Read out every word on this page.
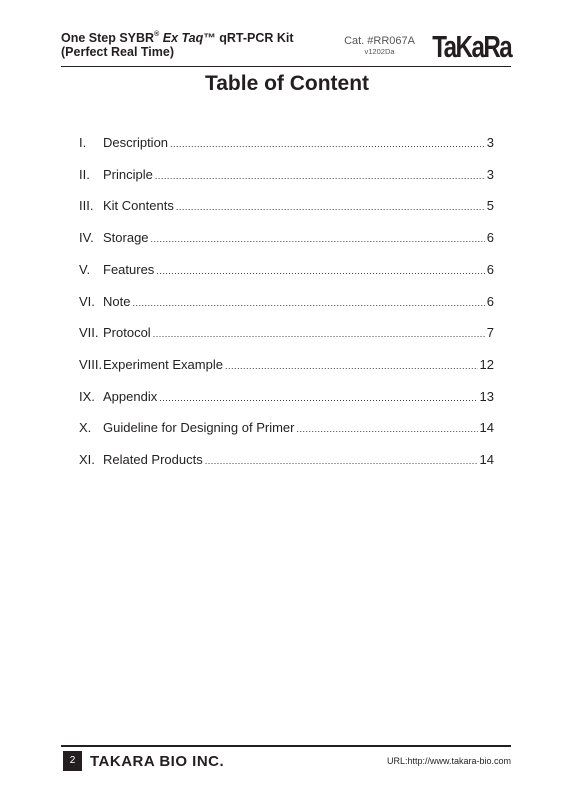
One Step SYBR® Ex Taq™ qRT-PCR Kit
(Perfect Real Time)
Cat. #RR067A
v1202Da	TaKaRa
Table of Content
I.	Description .....	3
II.	Principle .....	3
III. Kit Contents .....	5
IV. Storage .....	6
V. Features .....	6
VI. Note .....	6
VII. Protocol .....	7
VIII. Experiment Example .....	12
IX. Appendix .....	13
X. Guideline for Designing of Primer .....	14
XI. Related Products .....	14
2 TAKARA BIO INC.	URL:http://www.takara-bio.com
